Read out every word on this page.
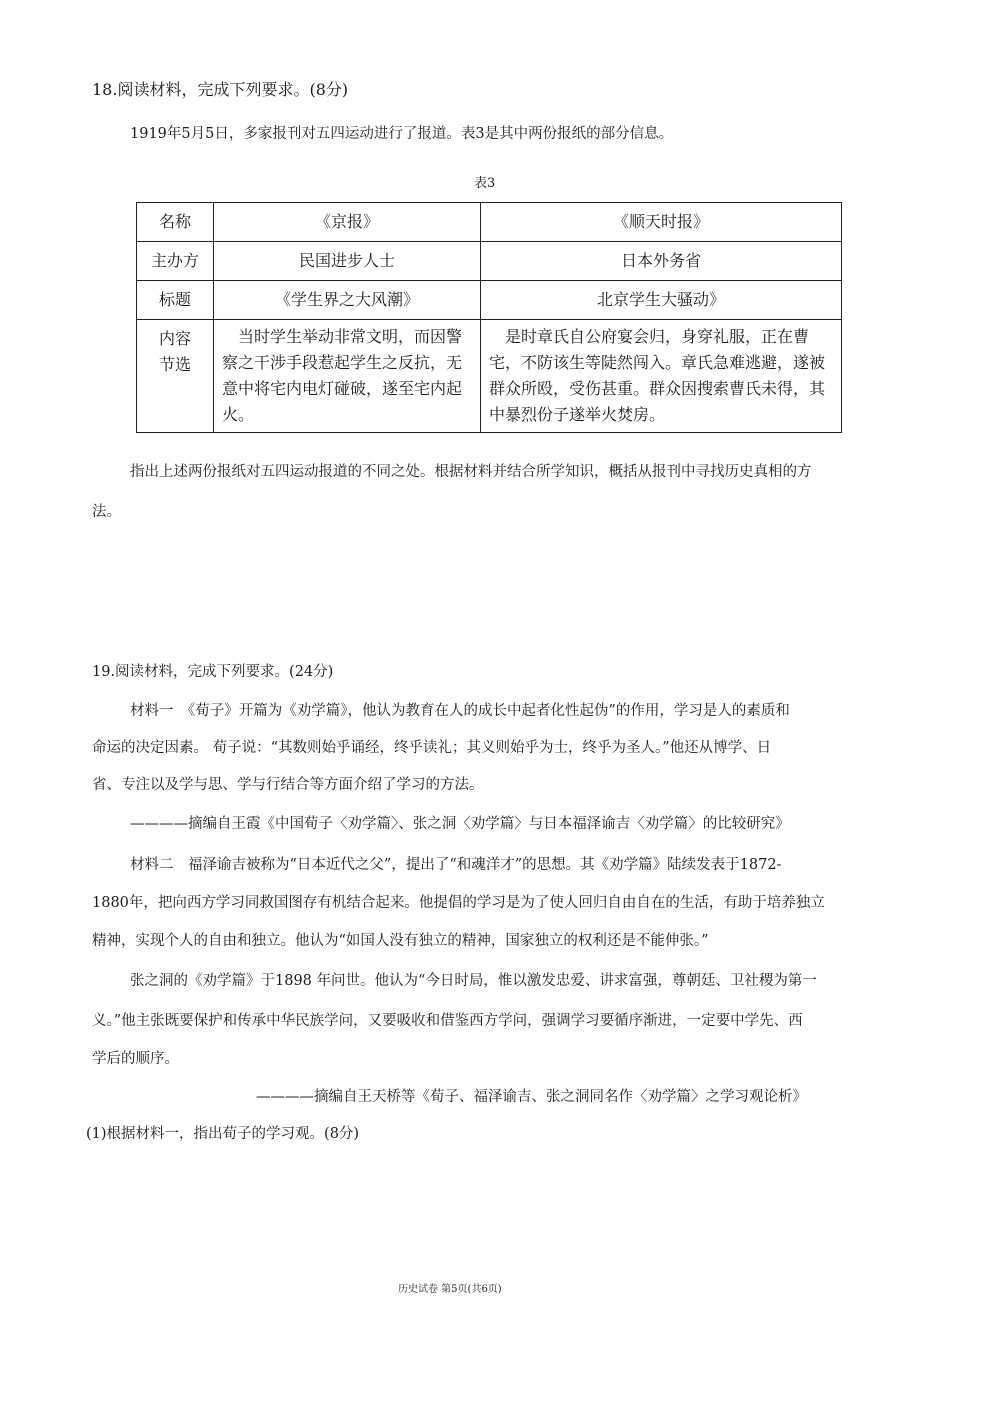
18.阅读材料，完成下列要求。(8分)
1919年5月5日，多家报刊对五四运动进行了报道。表3是其中两份报纸的部分信息。
表3
名称	《京报》	《顺天时报》
主办方	民国进步人士	日本外务省
标题	《学生界之大风潮》	北京学生大骚动》

内容
节选	当时学生举动非常文明，而因警察之干涉手段惹起学生之反抗，无意中将宅内电灯碰破，遂至宅内起火。	是时章氏自公府宴会归，身穿礼服，正在曹宅，不防该生等陡然闯入。章氏急难逃避，遂被群众所殴，受伤甚重。群众因搜索曹氏未得，其中暴烈份子遂举火焚房。
指出上述两份报纸对五四运动报道的不同之处。根据材料并结合所学知识，概括从报刊中寻找历史真相的方
法。
19.阅读材料，完成下列要求。(24分)
材料一　《荀子》开篇为《劝学篇》，他认为教育在人的成长中起者化性起伪”的作用，学习是人的素质和
命运的决定因素。 荀子说：“其数则始乎诵经，终乎读礼；其义则始乎为士，终乎为圣人。”他还从博学、日
省、专注以及学与思、学与行结合等方面介绍了学习的方法。
————摘编自王霞《中国荀子〈劝学篇〉、张之洞〈劝学篇〉与日本福泽谕吉〈劝学篇〉的比较研究》
材料二　福泽谕吉被称为“日本近代之父”，提出了“和魂洋才”的思想。其《劝学篇》陆续发表于1872-
1880年，把向西方学习同救国图存有机结合起来。他提倡的学习是为了使人回归自由自在的生活，有助于培养独立
精神，实现个人的自由和独立。他认为“如国人没有独立的精神，国家独立的权利还是不能伸张。”
张之洞的《劝学篇》于1898 年问世。他认为“今日时局，惟以激发忠爱、讲求富强，尊朝廷、卫社稷为第一
义。”他主张既要保护和传承中华民族学问，又要吸收和借鉴西方学问，强调学习要循序渐进，一定要中学先、西
学后的顺序。
————摘编自王天桥等《荀子、福泽谕吉、张之洞同名作〈劝学篇〉之学习观论析》
(1)根据材料一，指出荀子的学习观。(8分)
历史试卷 第5页(共6页)
